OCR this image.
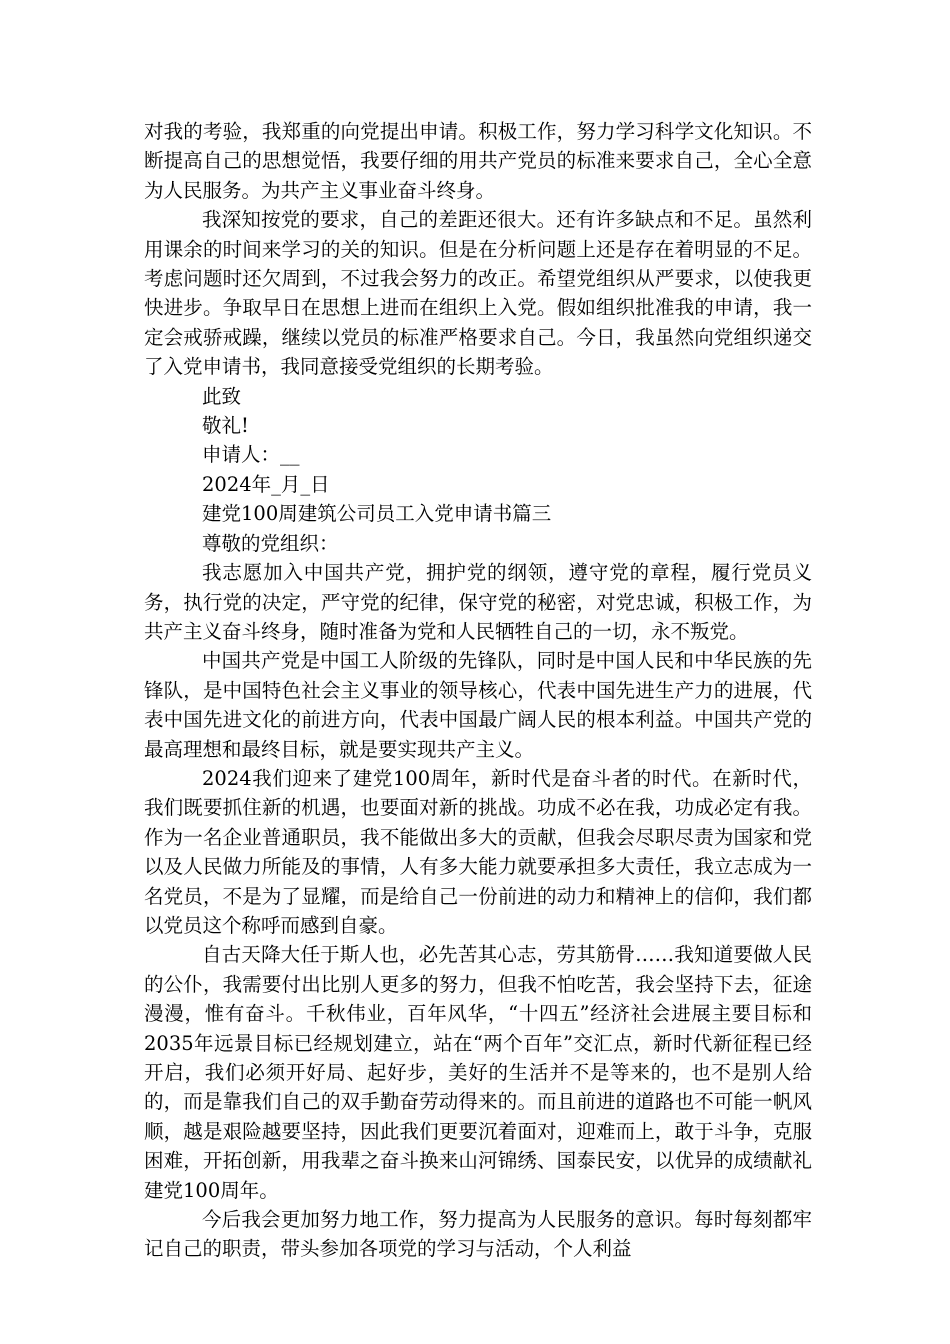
对我的考验，我郑重的向党提出申请。积极工作，努力学习科学文化知识。不断提高自己的思想觉悟，我要仔细的用共产党员的标准来要求自己，全心全意为人民服务。为共产主义事业奋斗终身。

我深知按党的要求，自己的差距还很大。还有许多缺点和不足。虽然利用课余的时间来学习的关的知识。但是在分析问题上还是存在着明显的不足。考虑问题时还欠周到，不过我会努力的改正。希望党组织从严要求，以使我更快进步。争取早日在思想上进而在组织上入党。假如组织批准我的申请，我一定会戒骄戒躁，继续以党员的标准严格要求自己。今日，我虽然向党组织递交了入党申请书，我同意接受党组织的长期考验。

此致

敬礼!

申请人：__

2024年_月_日

建党100周建筑公司员工入党申请书篇三

尊敬的党组织：

我志愿加入中国共产党，拥护党的纲领，遵守党的章程，履行党员义务，执行党的决定，严守党的纪律，保守党的秘密，对党忠诚，积极工作，为共产主义奋斗终身，随时准备为党和人民牺牲自己的一切，永不叛党。

中国共产党是中国工人阶级的先锋队，同时是中国人民和中华民族的先锋队，是中国特色社会主义事业的领导核心，代表中国先进生产力的进展，代表中国先进文化的前进方向，代表中国最广阔人民的根本利益。中国共产党的最高理想和最终目标，就是要实现共产主义。

2024我们迎来了建党100周年，新时代是奋斗者的时代。在新时代，我们既要抓住新的机遇，也要面对新的挑战。功成不必在我，功成必定有我。作为一名企业普通职员，我不能做出多大的贡献，但我会尽职尽责为国家和党以及人民做力所能及的事情，人有多大能力就要承担多大责任，我立志成为一名党员，不是为了显耀，而是给自己一份前进的动力和精神上的信仰，我们都以党员这个称呼而感到自豪。

自古天降大任于斯人也，必先苦其心志，劳其筋骨……我知道要做人民的公仆，我需要付出比别人更多的努力，但我不怕吃苦，我会坚持下去，征途漫漫，惟有奋斗。千秋伟业，百年风华，“十四五”经济社会进展主要目标和2035年远景目标已经规划建立，站在“两个百年”交汇点，新时代新征程已经开启，我们必须开好局、起好步，美好的生活并不是等来的，也不是别人给的，而是靠我们自己的双手勤奋劳动得来的。而且前进的道路也不可能一帆风顺，越是艰险越要坚持，因此我们更要沉着面对，迎难而上，敢于斗争，克服困难，开拓创新，用我辈之奋斗换来山河锦绣、国泰民安，以优异的成绩献礼建党100周年。

今后我会更加努力地工作，努力提高为人民服务的意识。每时每刻都牢记自己的职责，带头参加各项党的学习与活动，个人利益
